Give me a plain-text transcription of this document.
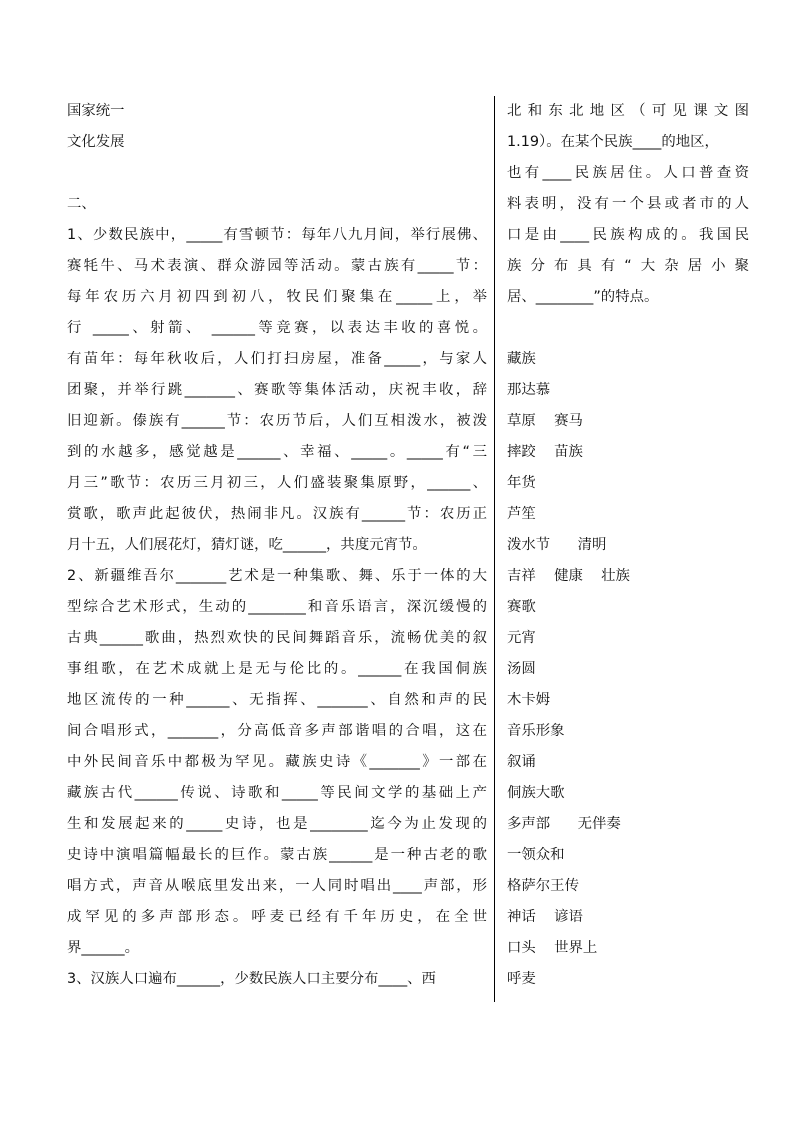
国家统一
文化发展
二、
1、少数民族中，_____有雪顿节：每年八九月间，举行展佛、
赛牦牛、马术表演、群众游园等活动。蒙古族有_____节：
每年农历六月初四到初八，牧民们聚集在_____上，举
行 _____、射箭、 ______等竞赛，以表达丰收的喜悦。
有苗年：每年秋收后，人们打扫房屋，准备_____，与家人
团聚，并举行跳_______、赛歌等集体活动，庆祝丰收，辞
旧迎新。傣族有______节：农历节后，人们互相泼水，被泼
到的水越多，感觉越是______、幸福、_____。_____有“三
月三”歌节：农历三月初三，人们盛装聚集原野，______、
赏歌，歌声此起彼伏，热闹非凡。汉族有______节：农历正
月十五，人们展花灯，猜灯谜，吃______，共度元宵节。
2、新疆维吾尔_______艺术是一种集歌、舞、乐于一体的大
型综合艺术形式，生动的________和音乐语言，深沉缓慢的
古典______歌曲，热烈欢快的民间舞蹈音乐，流畅优美的叙
事组歌，在艺术成就上是无与伦比的。______在我国侗族
地区流传的一种______、无指挥、_______、自然和声的民
间合唱形式，_______，分高低音多声部谐唱的合唱，这在
中外民间音乐中都极为罕见。藏族史诗《_______》一部在
藏族古代______传说、诗歌和_____等民间文学的基础上产
生和发展起来的_____史诗，也是________迄今为止发现的
史诗中演唱篇幅最长的巨作。蒙古族______是一种古老的歌
唱方式，声音从喉底里发出来，一人同时唱出____声部，形
成罕见的多声部形态。呼麦已经有千年历史，在全世
界______。
3、汉族人口遍布______，少数民族人口主要分布____、西
北和东北地区（可见课文图
1.19）。在某个民族____的地区，
也有____民族居住。人口普查资
料表明，没有一个县或者市的人
口是由____民族构成的。我国民
族分布具有“大杂居小聚
居、________”的特点。
藏族
那达慕
草原    赛马
摔跤    苗族
年货
芦笙
泼水节      清明
吉祥    健康    壮族
赛歌
元宵
汤圆
木卡姆
音乐形象
叙诵
侗族大歌
多声部      无伴奏
一领众和
格萨尔王传
神话    谚语
口头    世界上
呼麦
